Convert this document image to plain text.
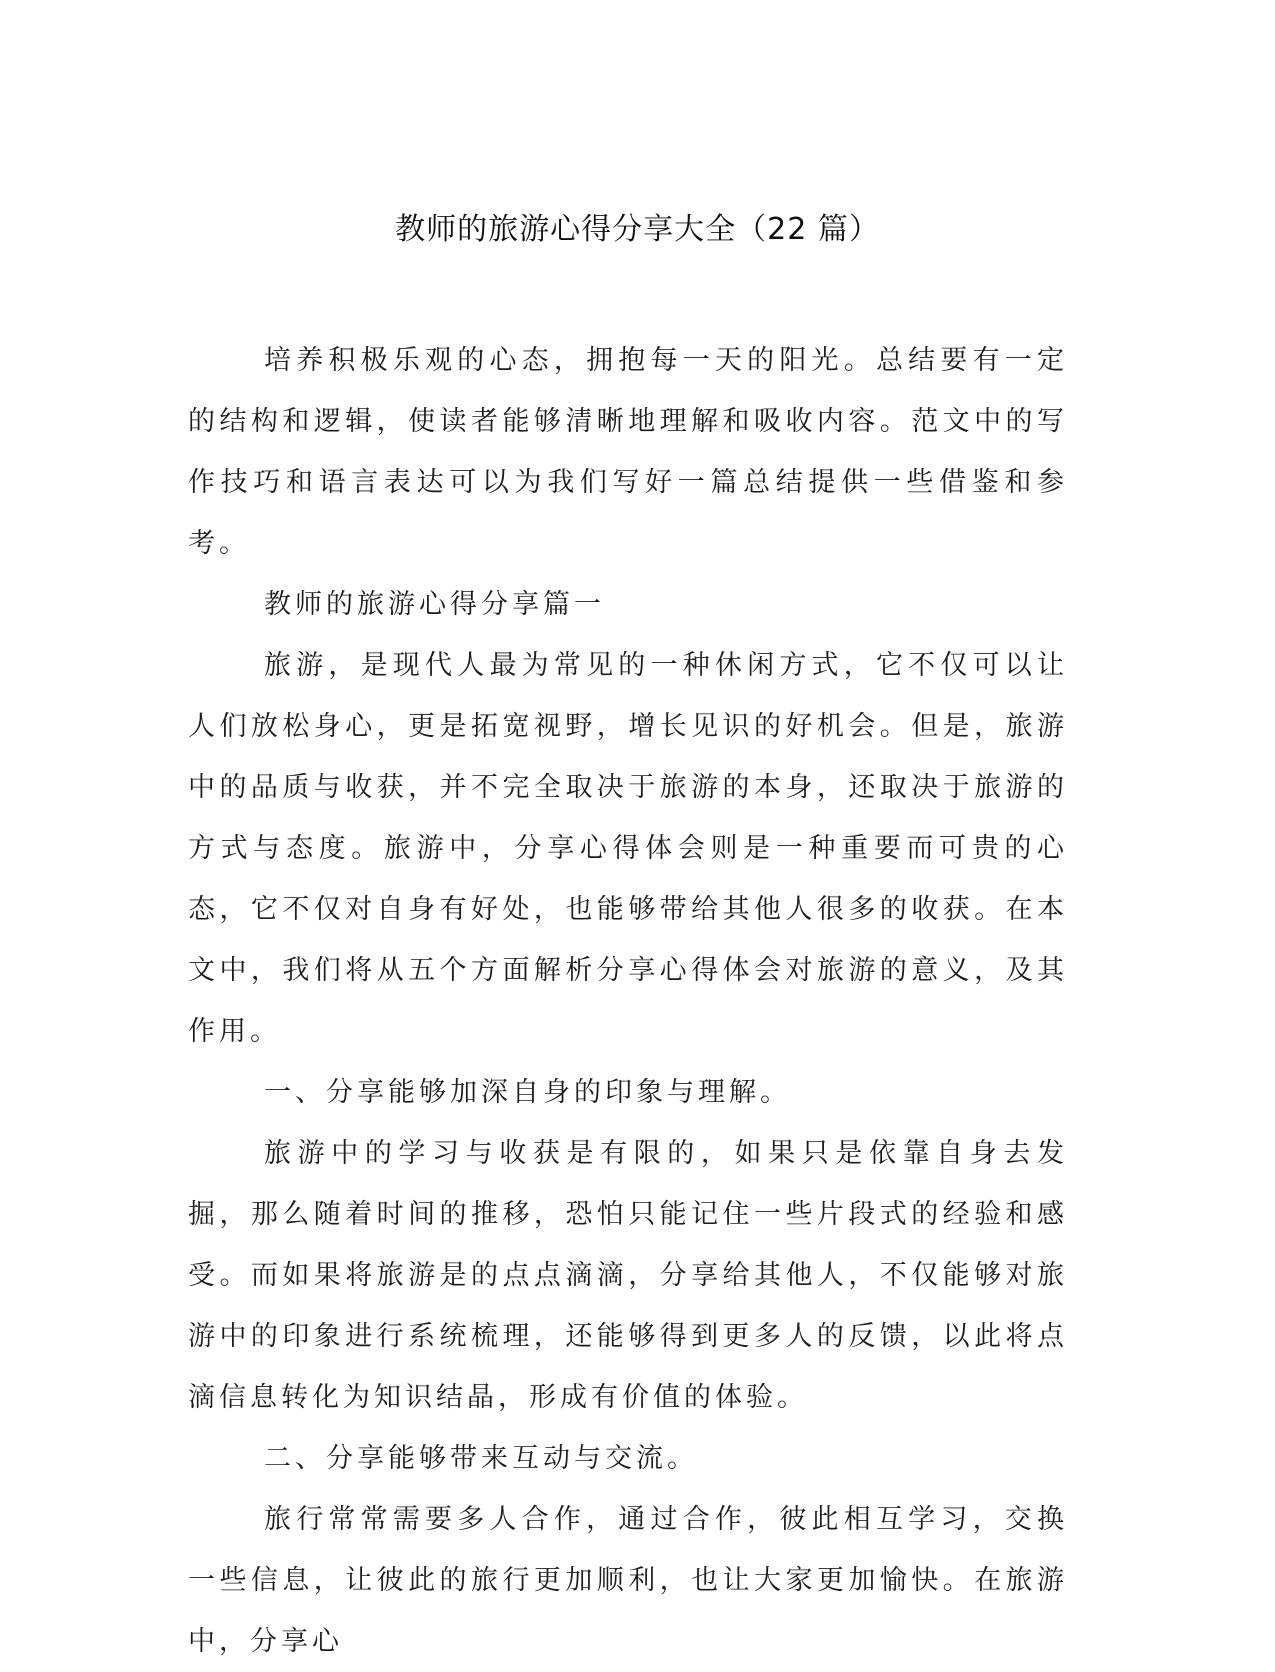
教师的旅游心得分享大全（22 篇）

培养积极乐观的心态，拥抱每一天的阳光。总结要有一定的结构和逻辑，使读者能够清晰地理解和吸收内容。范文中的写作技巧和语言表达可以为我们写好一篇总结提供一些借鉴和参考。

教师的旅游心得分享篇一

旅游，是现代人最为常见的一种休闲方式，它不仅可以让人们放松身心，更是拓宽视野，增长见识的好机会。但是，旅游中的品质与收获，并不完全取决于旅游的本身，还取决于旅游的方式与态度。旅游中，分享心得体会则是一种重要而可贵的心态，它不仅对自身有好处，也能够带给其他人很多的收获。在本文中，我们将从五个方面解析分享心得体会对旅游的意义，及其作用。

一、分享能够加深自身的印象与理解。

旅游中的学习与收获是有限的，如果只是依靠自身去发掘，那么随着时间的推移，恐怕只能记住一些片段式的经验和感受。而如果将旅游是的点点滴滴，分享给其他人，不仅能够对旅游中的印象进行系统梳理，还能够得到更多人的反馈，以此将点滴信息转化为知识结晶，形成有价值的体验。

二、分享能够带来互动与交流。

旅行常常需要多人合作，通过合作，彼此相互学习，交换一些信息，让彼此的旅行更加顺利，也让大家更加愉快。在旅游中，分享心
